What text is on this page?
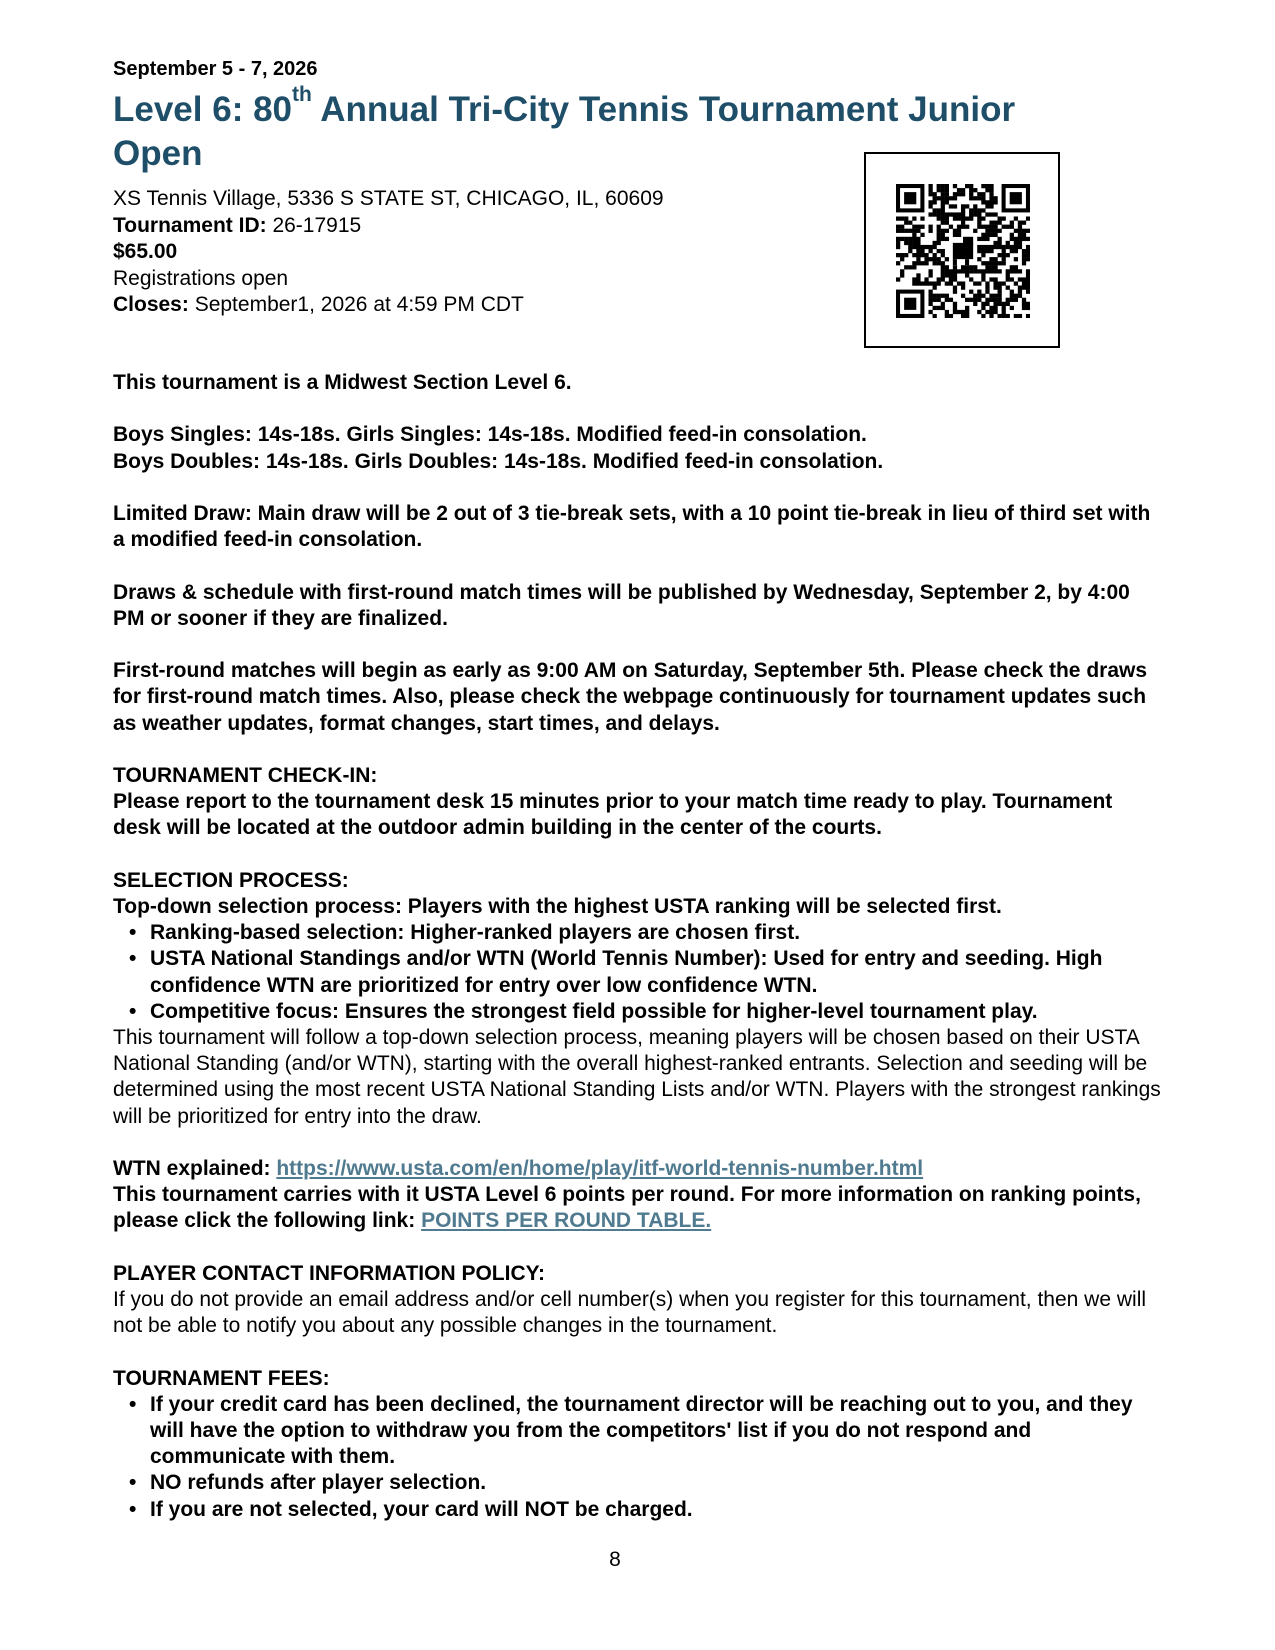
September 5 - 7, 2026
Level 6: 80th Annual Tri-City Tennis Tournament Junior Open
XS Tennis Village, 5336 S STATE ST, CHICAGO, IL, 60609
Tournament ID: 26-17915
$65.00
Registrations open
Closes: September1, 2026 at 4:59 PM CDT

This tournament is a Midwest Section Level 6.

Boys Singles: 14s-18s. Girls Singles: 14s-18s. Modified feed-in consolation.

Boys Doubles: 14s-18s. Girls Doubles: 14s-18s. Modified feed-in consolation.

Limited Draw: Main draw will be 2 out of 3 tie-break sets, with a 10 point tie-break in lieu of third set with a modified feed-in consolation.

Draws & schedule with first-round match times will be published by Wednesday, September 2, by 4:00 PM or sooner if they are finalized.

First-round matches will begin as early as 9:00 AM on Saturday, September 5th. Please check the draws for first-round match times. Also, please check the webpage continuously for tournament updates such as weather updates, format changes, start times, and delays.

TOURNAMENT CHECK-IN:

Please report to the tournament desk 15 minutes prior to your match time ready to play. Tournament desk will be located at the outdoor admin building in the center of the courts.

SELECTION PROCESS:

Top-down selection process: Players with the highest USTA ranking will be selected first.

• Ranking-based selection: Higher-ranked players are chosen first.
• USTA National Standings and/or WTN (World Tennis Number): Used for entry and seeding. High confidence WTN are prioritized for entry over low confidence WTN.
• Competitive focus: Ensures the strongest field possible for higher-level tournament play.

This tournament will follow a top-down selection process, meaning players will be chosen based on their USTA National Standing (and/or WTN), starting with the overall highest-ranked entrants. Selection and seeding will be determined using the most recent USTA National Standing Lists and/or WTN. Players with the strongest rankings will be prioritized for entry into the draw.

WTN explained: https://www.usta.com/en/home/play/itf-world-tennis-number.html

This tournament carries with it USTA Level 6 points per round. For more information on ranking points, please click the following link: POINTS PER ROUND TABLE.

PLAYER CONTACT INFORMATION POLICY:

If you do not provide an email address and/or cell number(s) when you register for this tournament, then we will not be able to notify you about any possible changes in the tournament.

TOURNAMENT FEES:

• If your credit card has been declined, the tournament director will be reaching out to you, and they will have the option to withdraw you from the competitors' list if you do not respond and communicate with them.
• NO refunds after player selection.
• If you are not selected, your card will NOT be charged.
8
